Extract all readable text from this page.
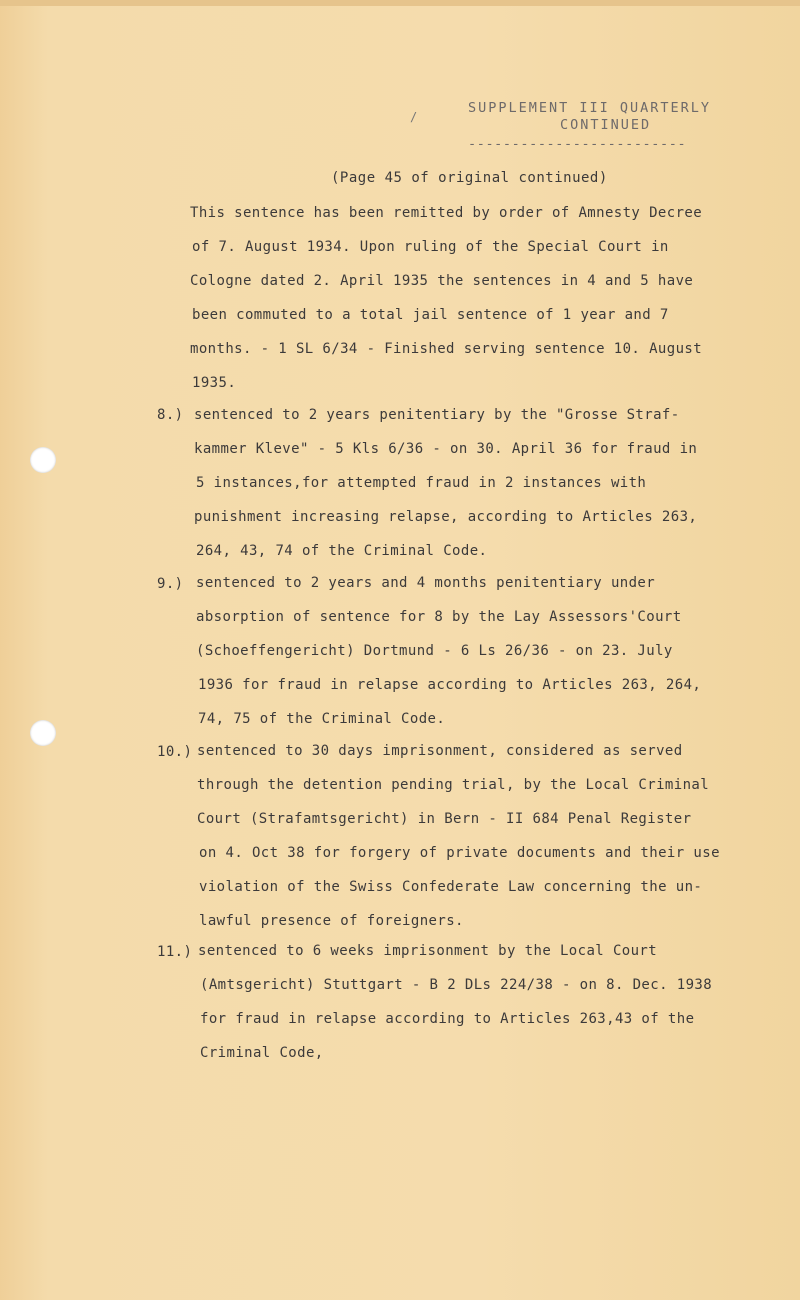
/
SUPPLEMENT III QUARTERLY
CONTINUED
-------------------------
(Page 45 of original continued)
This sentence has been remitted by order of Amnesty Decree
of 7. August 1934. Upon ruling of the Special Court in
Cologne dated 2. April 1935 the sentences in 4 and 5 have
been commuted to a total jail sentence of 1 year and 7
months. - 1 SL 6/34 - Finished serving sentence 10. August
1935.
8.) sentenced to 2 years penitentiary by the "Grosse Straf-
kammer Kleve" - 5 Kls 6/36 - on 30. April 36 for fraud in
5 instances,for attempted fraud in 2 instances with
punishment increasing relapse, according to Articles 263,
264, 43, 74 of the Criminal Code.
9.) sentenced to 2 years and 4 months penitentiary under
absorption of sentence for 8 by the Lay Assessors'Court
(Schoeffengericht) Dortmund - 6 Ls 26/36 - on 23. July
1936 for fraud in relapse according to Articles 263, 264,
74, 75 of the Criminal Code.
10.) sentenced to 30 days imprisonment, considered as served
through the detention pending trial, by the Local Criminal
Court (Strafamtsgericht) in Bern - II 684 Penal Register
on 4. Oct 38 for forgery of private documents and their use
violation of the Swiss Confederate Law concerning the un-
lawful presence of foreigners.
11.) sentenced to 6 weeks imprisonment by the Local Court
(Amtsgericht) Stuttgart - B 2 DLs 224/38 - on 8. Dec. 1938
for fraud in relapse according to Articles 263,43 of the
Criminal Code,
